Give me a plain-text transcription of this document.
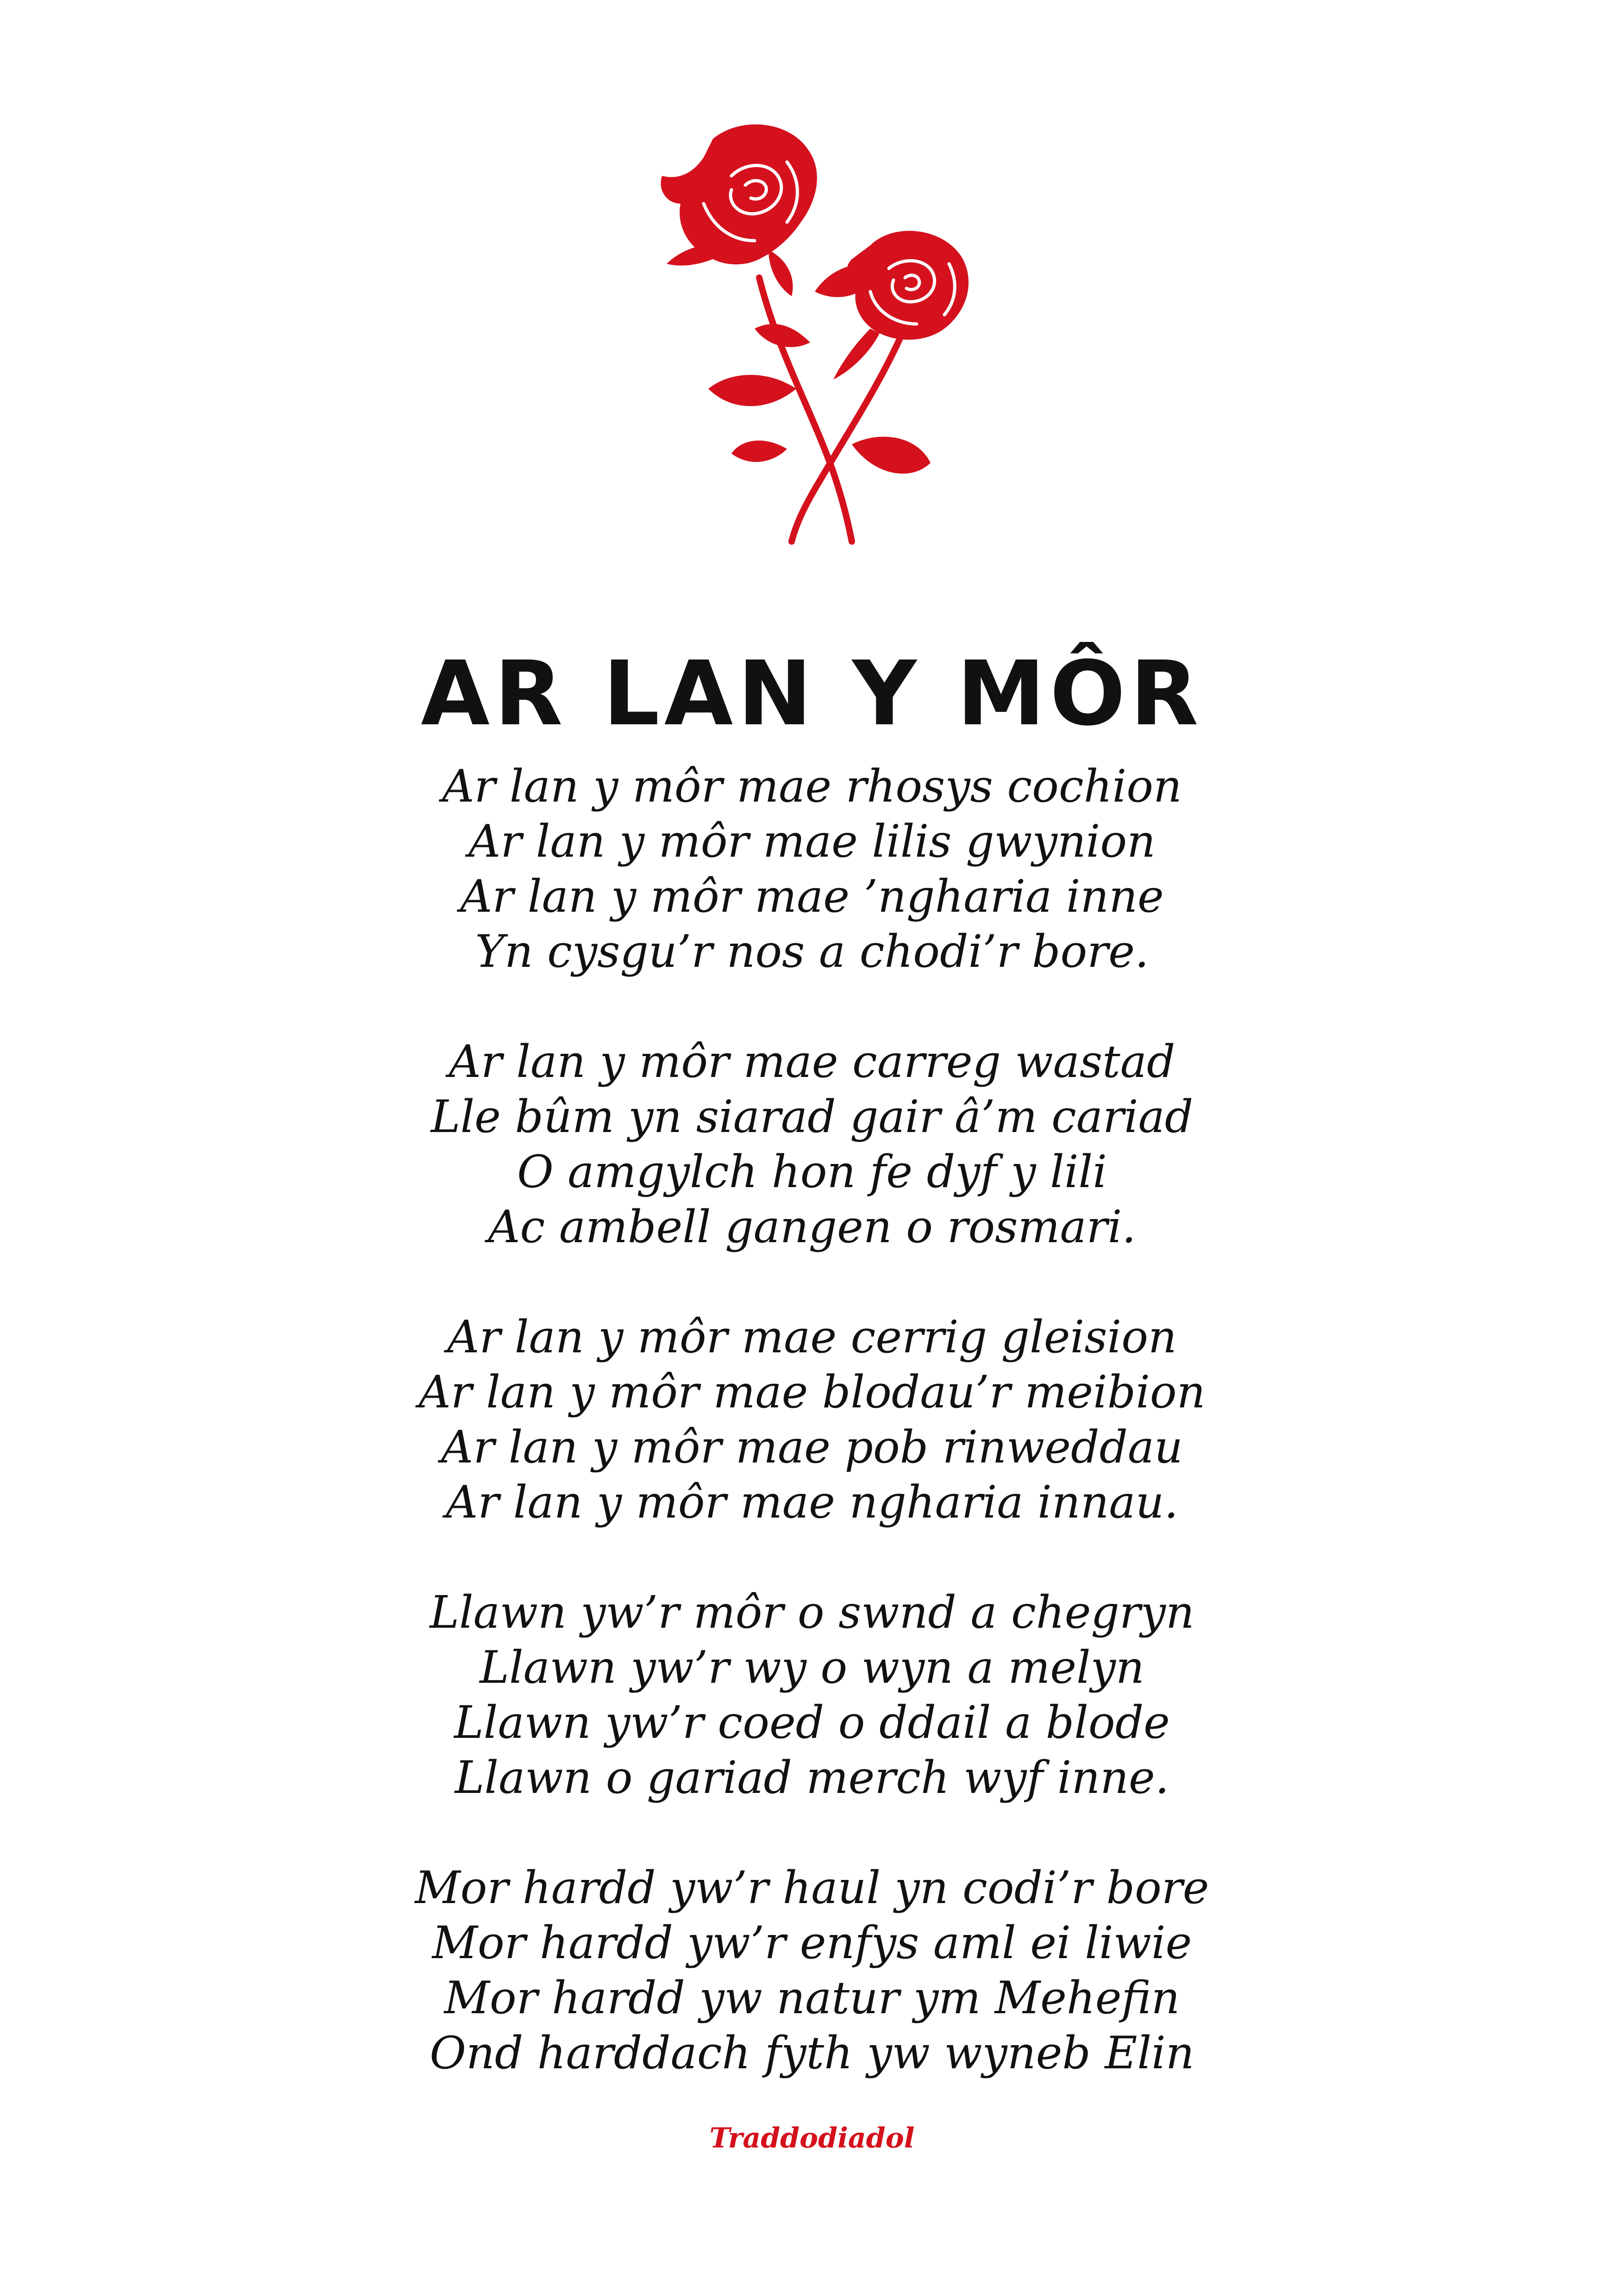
AR LAN Y MÔR
Ar lan y môr mae rhosys cochion
Ar lan y môr mae lilis gwynion
Ar lan y môr mae ’ngharia inne
Yn cysgu’r nos a chodi’r bore.
Ar lan y môr mae carreg wastad
Lle bûm yn siarad gair â’m cariad
O amgylch hon fe dyf y lili
Ac ambell gangen o rosmari.
Ar lan y môr mae cerrig gleision
Ar lan y môr mae blodau’r meibion
Ar lan y môr mae pob rinweddau
Ar lan y môr mae ngharia innau.
Llawn yw’r môr o swnd a chegryn
Llawn yw’r wy o wyn a melyn
Llawn yw’r coed o ddail a blode
Llawn o gariad merch wyf inne.
Mor hardd yw’r haul yn codi’r bore
Mor hardd yw’r enfys aml ei liwie
Mor hardd yw natur ym Mehefin
Ond harddach fyth yw wyneb Elin
Traddodiadol
